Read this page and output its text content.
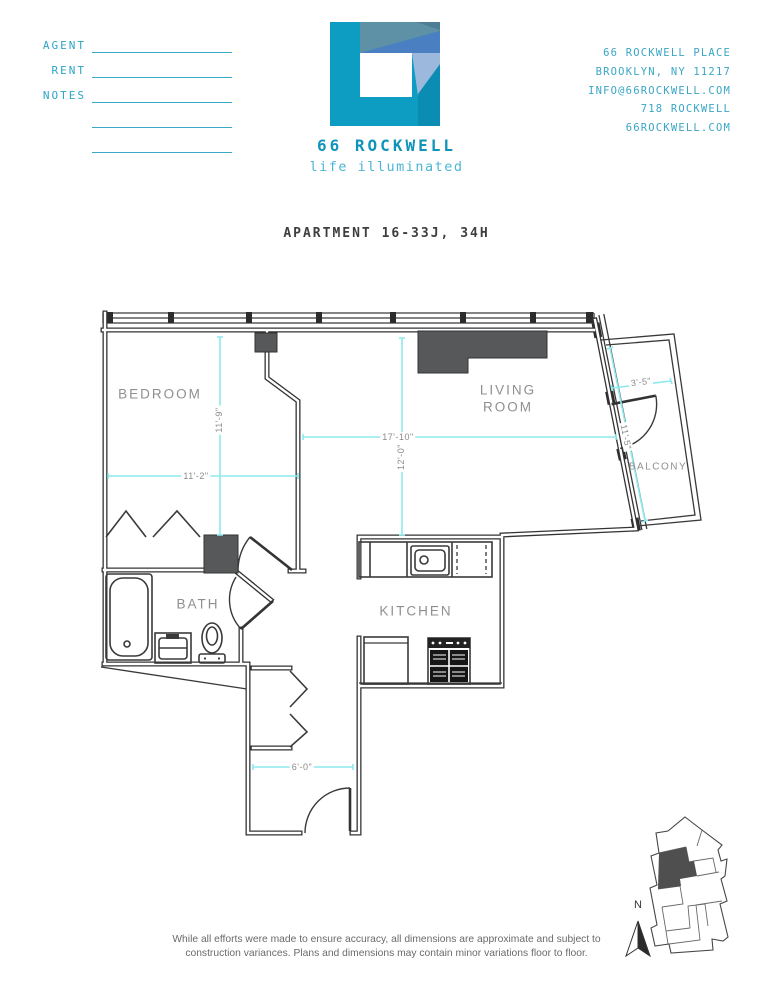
AGENT
RENT
NOTES
66 ROCKWELL
life illuminated
66 ROCKWELL PLACE
BROOKLYN, NY 11217
INFO@66ROCKWELL.COM
718 ROCKWELL
66ROCKWELL.COM
APARTMENT 16-33J, 34H
BEDROOM	LIVING
ROOM
BATH	KITCHEN
BALCONY
11'-9"
11'-2"
17'-10"
12'-0"
3'-5"
11'-5"
6'-0"
N
While all efforts were made to ensure accuracy, all dimensions are approximate and subject to
construction variances. Plans and dimensions may contain minor variations floor to floor.
